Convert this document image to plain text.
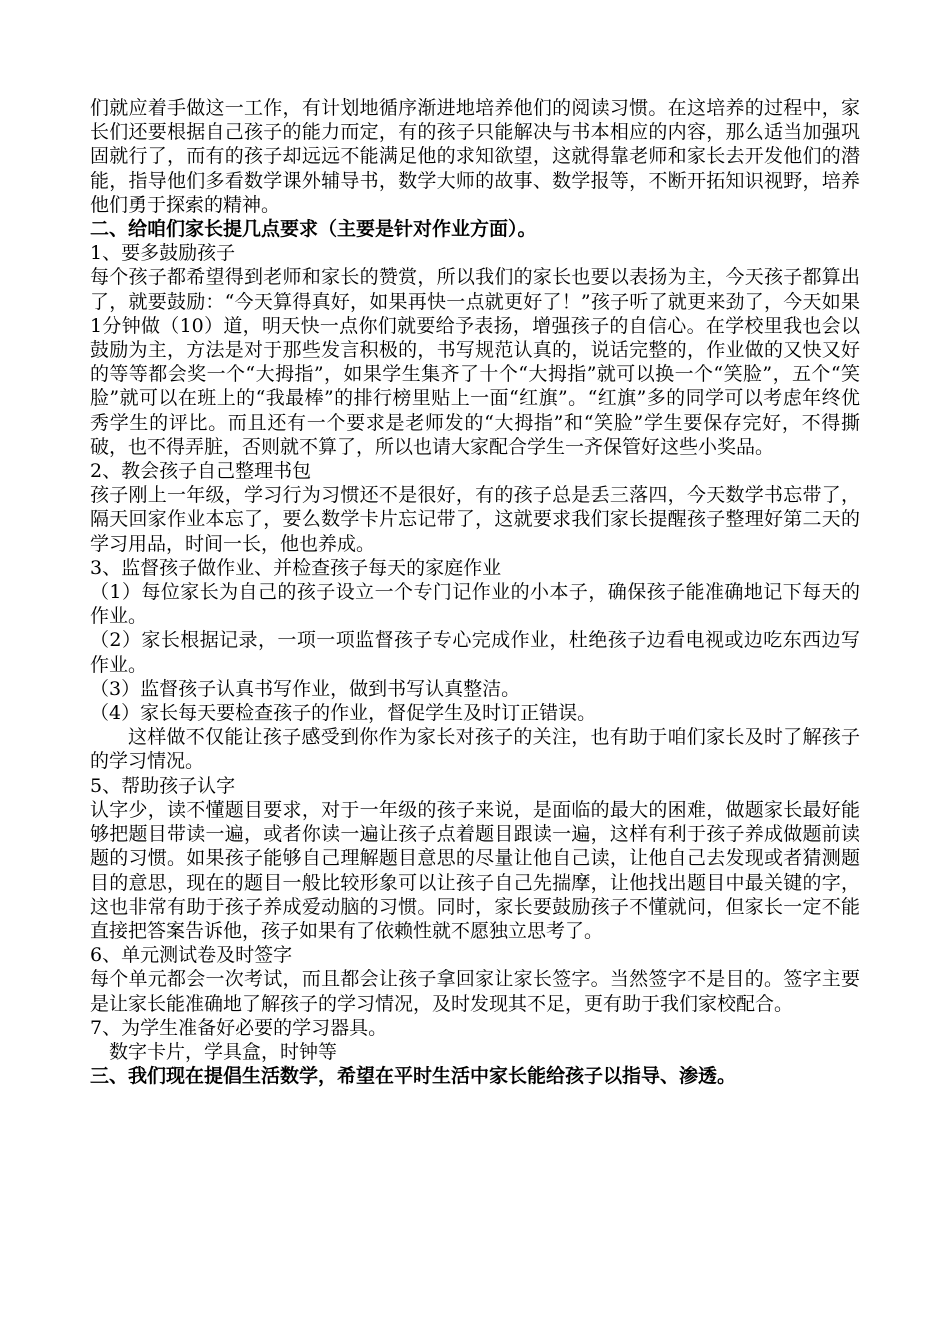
们就应着手做这一工作，有计划地循序渐进地培养他们的阅读习惯。在这培养的过程中，家长们还要根据自己孩子的能力而定，有的孩子只能解决与书本相应的内容，那么适当加强巩固就行了，而有的孩子却远远不能满足他的求知欲望，这就得靠老师和家长去开发他们的潜能，指导他们多看数学课外辅导书，数学大师的故事、数学报等，不断开拓知识视野，培养他们勇于探索的精神。

二、给咱们家长提几点要求（主要是针对作业方面）。

1、要多鼓励孩子

每个孩子都希望得到老师和家长的赞赏，所以我们的家长也要以表扬为主，今天孩子都算出了，就要鼓励：“今天算得真好，如果再快一点就更好了！”孩子听了就更来劲了，今天如果1分钟做（10）道，明天快一点你们就要给予表扬，增强孩子的自信心。在学校里我也会以鼓励为主，方法是对于那些发言积极的，书写规范认真的，说话完整的，作业做的又快又好的等等都会奖一个“大拇指”，如果学生集齐了十个“大拇指”就可以换一个“笑脸”，五个“笑脸”就可以在班上的“我最棒”的排行榜里贴上一面“红旗”。“红旗”多的同学可以考虑年终优秀学生的评比。而且还有一个要求是老师发的“大拇指”和“笑脸”学生要保存完好，不得撕破，也不得弄脏，否则就不算了，所以也请大家配合学生一齐保管好这些小奖品。

2、教会孩子自己整理书包

孩子刚上一年级，学习行为习惯还不是很好，有的孩子总是丢三落四，今天数学书忘带了，隔天回家作业本忘了，要么数学卡片忘记带了，这就要求我们家长提醒孩子整理好第二天的学习用品，时间一长，他也养成。

3、监督孩子做作业、并检查孩子每天的家庭作业

（1）每位家长为自己的孩子设立一个专门记作业的小本子，确保孩子能准确地记下每天的作业。

（2）家长根据记录，一项一项监督孩子专心完成作业，杜绝孩子边看电视或边吃东西边写作业。

（3）监督孩子认真书写作业，做到书写认真整洁。

（4）家长每天要检查孩子的作业，督促学生及时订正错误。

这样做不仅能让孩子感受到你作为家长对孩子的关注，也有助于咱们家长及时了解孩子的学习情况。

5、帮助孩子认字

认字少，读不懂题目要求，对于一年级的孩子来说，是面临的最大的困难，做题家长最好能够把题目带读一遍，或者你读一遍让孩子点着题目跟读一遍，这样有利于孩子养成做题前读题的习惯。如果孩子能够自己理解题目意思的尽量让他自己读，让他自己去发现或者猜测题目的意思，现在的题目一般比较形象可以让孩子自己先揣摩，让他找出题目中最关键的字，这也非常有助于孩子养成爱动脑的习惯。同时，家长要鼓励孩子不懂就问，但家长一定不能直接把答案告诉他，孩子如果有了依赖性就不愿独立思考了。

6、单元测试卷及时签字

每个单元都会一次考试，而且都会让孩子拿回家让家长签字。当然签字不是目的。签字主要是让家长能准确地了解孩子的学习情况，及时发现其不足，更有助于我们家校配合。

7、为学生准备好必要的学习器具。

数字卡片，学具盒，时钟等

三、我们现在提倡生活数学，希望在平时生活中家长能给孩子以指导、渗透。
